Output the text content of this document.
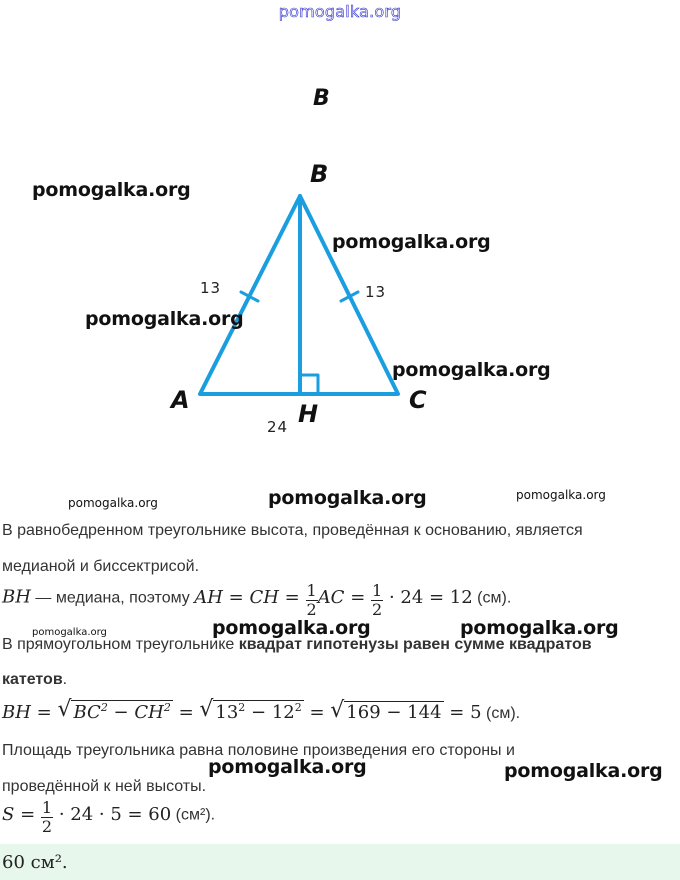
pomogalka.org
B
B
A	C
H
13	13
24
pomogalka.org
pomogalka.org
pomogalka.org
pomogalka.org
pomogalka.org	pomogalka.org	pomogalka.org
В равнобедренном треугольнике высота, проведённая к основанию, является
медианой и биссектрисой.
BH — медиана, поэтому AH = CH = $\frac{1}{2}$ AC = $\frac{1}{2} \cdot 24 = 12$ (см).
pomogalka.org	pomogalka.org	pomogalka.org
В прямоугольном треугольнике квадрат гипотенузы равен сумме квадратов
катетов.
BH = √ $BC^2 - CH^2$ = √ $13^2 - 12^2$ = √ 169 − 144 = 5 (см).
Площадь треугольника равна половине произведения его стороны и
проведённой к ней высоты.
pomogalka.org	pomogalka.org
$S = \frac{1}{2} \cdot 24 \cdot 5 = 60$ (см²).
60 см².
